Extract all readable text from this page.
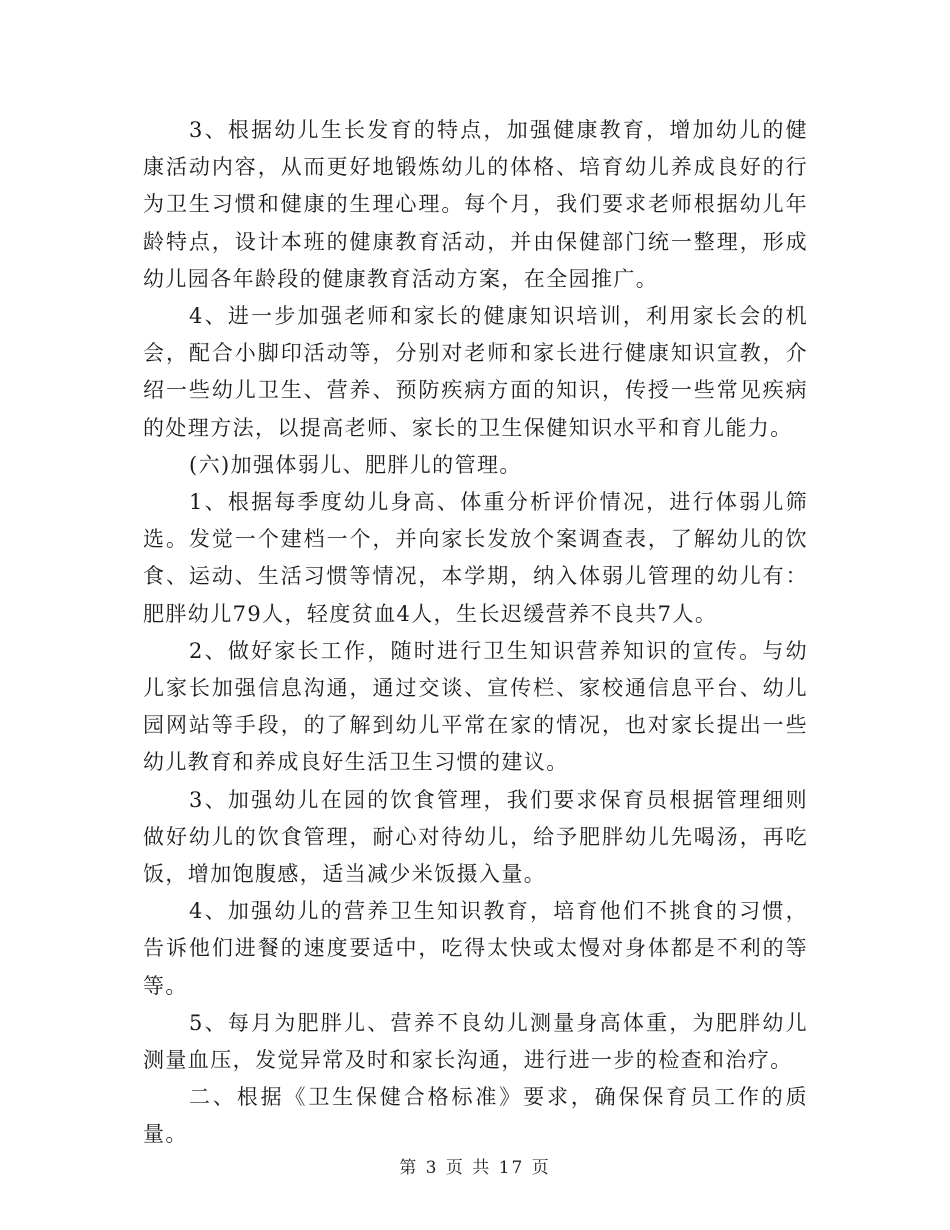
3、根据幼儿生长发育的特点，加强健康教育，增加幼儿的健康活动内容，从而更好地锻炼幼儿的体格、培育幼儿养成良好的行为卫生习惯和健康的生理心理。每个月，我们要求老师根据幼儿年龄特点，设计本班的健康教育活动，并由保健部门统一整理，形成幼儿园各年龄段的健康教育活动方案，在全园推广。

4、进一步加强老师和家长的健康知识培训，利用家长会的机会，配合小脚印活动等，分别对老师和家长进行健康知识宣教，介绍一些幼儿卫生、营养、预防疾病方面的知识，传授一些常见疾病的处理方法，以提高老师、家长的卫生保健知识水平和育儿能力。

(六)加强体弱儿、肥胖儿的管理。

1、根据每季度幼儿身高、体重分析评价情况，进行体弱儿筛选。发觉一个建档一个，并向家长发放个案调查表，了解幼儿的饮食、运动、生活习惯等情况，本学期，纳入体弱儿管理的幼儿有：肥胖幼儿79人，轻度贫血4人，生长迟缓营养不良共7人。

2、做好家长工作，随时进行卫生知识营养知识的宣传。与幼儿家长加强信息沟通，通过交谈、宣传栏、家校通信息平台、幼儿园网站等手段，的了解到幼儿平常在家的情况，也对家长提出一些幼儿教育和养成良好生活卫生习惯的建议。

3、加强幼儿在园的饮食管理，我们要求保育员根据管理细则做好幼儿的饮食管理，耐心对待幼儿，给予肥胖幼儿先喝汤，再吃饭，增加饱腹感，适当减少米饭摄入量。

4、加强幼儿的营养卫生知识教育，培育他们不挑食的习惯，告诉他们进餐的速度要适中，吃得太快或太慢对身体都是不利的等等。

5、每月为肥胖儿、营养不良幼儿测量身高体重，为肥胖幼儿测量血压，发觉异常及时和家长沟通，进行进一步的检查和治疗。

二、根据《卫生保健合格标准》要求，确保保育员工作的质量。

第 3 页 共 17 页
